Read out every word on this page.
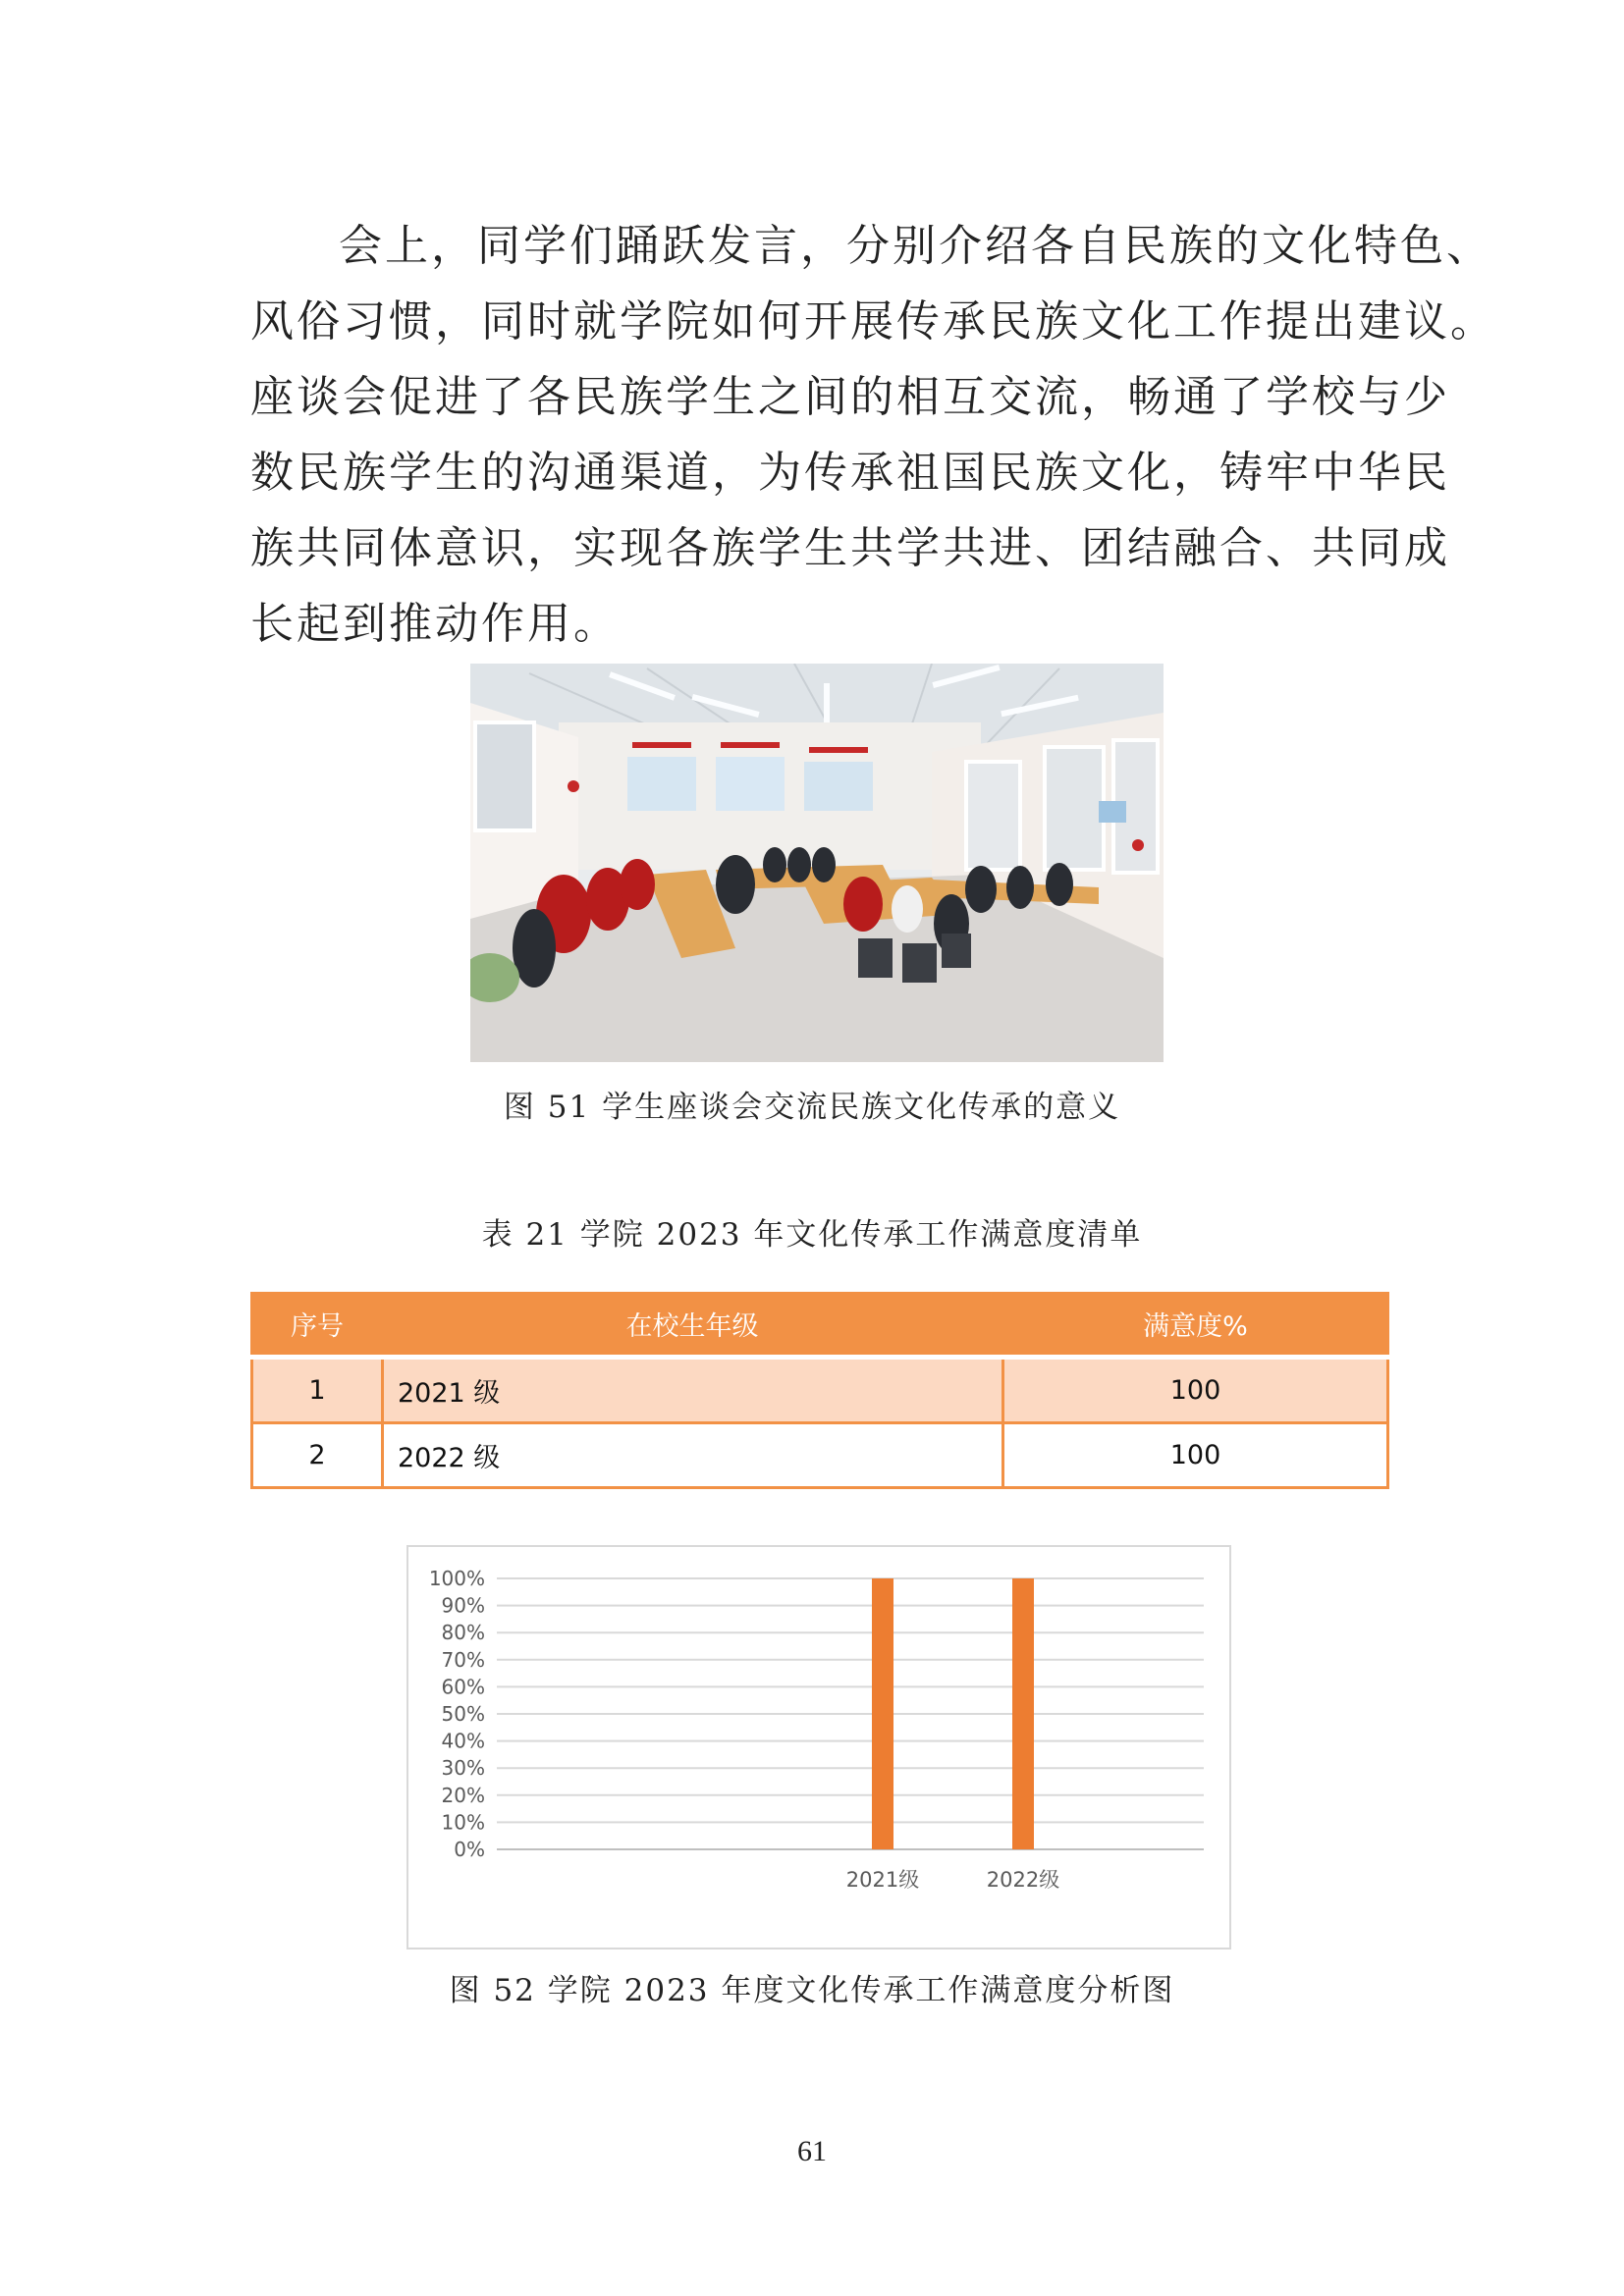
会上，同学们踊跃发言，分别介绍各自民族的文化特色、
风俗习惯，同时就学院如何开展传承民族文化工作提出建议。
座谈会促进了各民族学生之间的相互交流，畅通了学校与少
数民族学生的沟通渠道，为传承祖国民族文化，铸牢中华民
族共同体意识，实现各族学生共学共进、团结融合、共同成
长起到推动作用。

图 51 学生座谈会交流民族文化传承的意义
表 21 学院 2023 年文化传承工作满意度清单
序号	在校生年级	满意度%
1	2021 级	100
2	2022 级	100
0%
10%
20%
30%
40%
50%
60%
70%
80%
90%
100%
2021级	2022级
图 52 学院 2023 年度文化传承工作满意度分析图
61
